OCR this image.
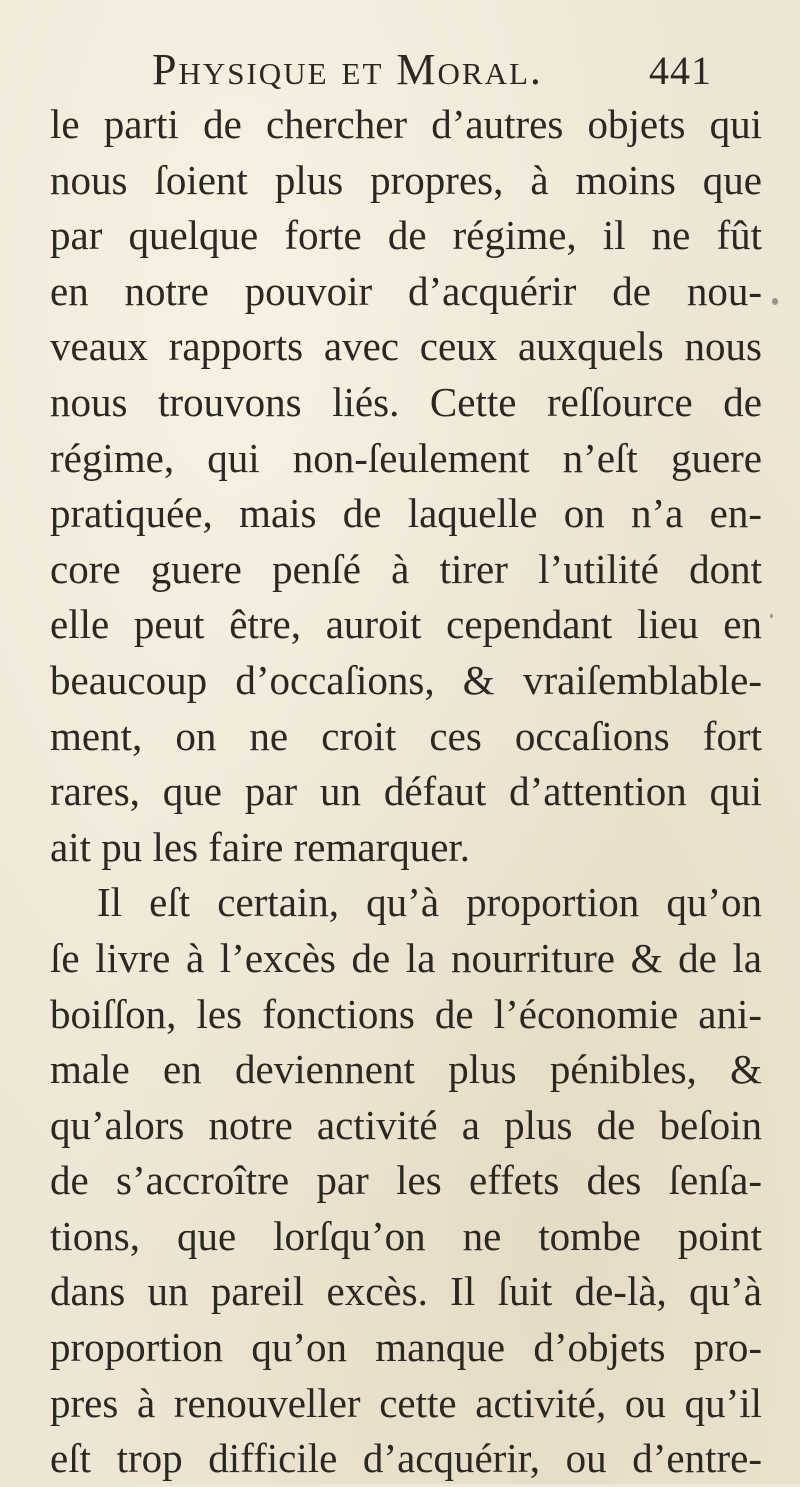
Physique et Moral.	441
le parti de chercher d’autres objets qui
nous ſoient plus propres, à moins que
par quelque forte de régime, il ne fût
en notre pouvoir d’acquérir de nou-
veaux rapports avec ceux auxquels nous
nous trouvons liés. Cette reſſource de
régime, qui non-ſeulement n’eſt guere
pratiquée, mais de laquelle on n’a en-
core guere penſé à tirer l’utilité dont
elle peut être, auroit cependant lieu en
beaucoup d’occaſions, & vraiſemblable-
ment, on ne croit ces occaſions fort
rares, que par un défaut d’attention qui
ait pu les faire remarquer.
Il eſt certain, qu’à proportion qu’on
ſe livre à l’excès de la nourriture & de la
boiſſon, les fonctions de l’économie ani-
male en deviennent plus pénibles, &
qu’alors notre activité a plus de beſoin
de s’accroître par les effets des ſenſa-
tions, que lorſqu’on ne tombe point
dans un pareil excès. Il ſuit de-là, qu’à
proportion qu’on manque d’objets pro-
pres à renouveller cette activité, ou qu’il
eſt trop difficile d’acquérir, ou d’entre-
